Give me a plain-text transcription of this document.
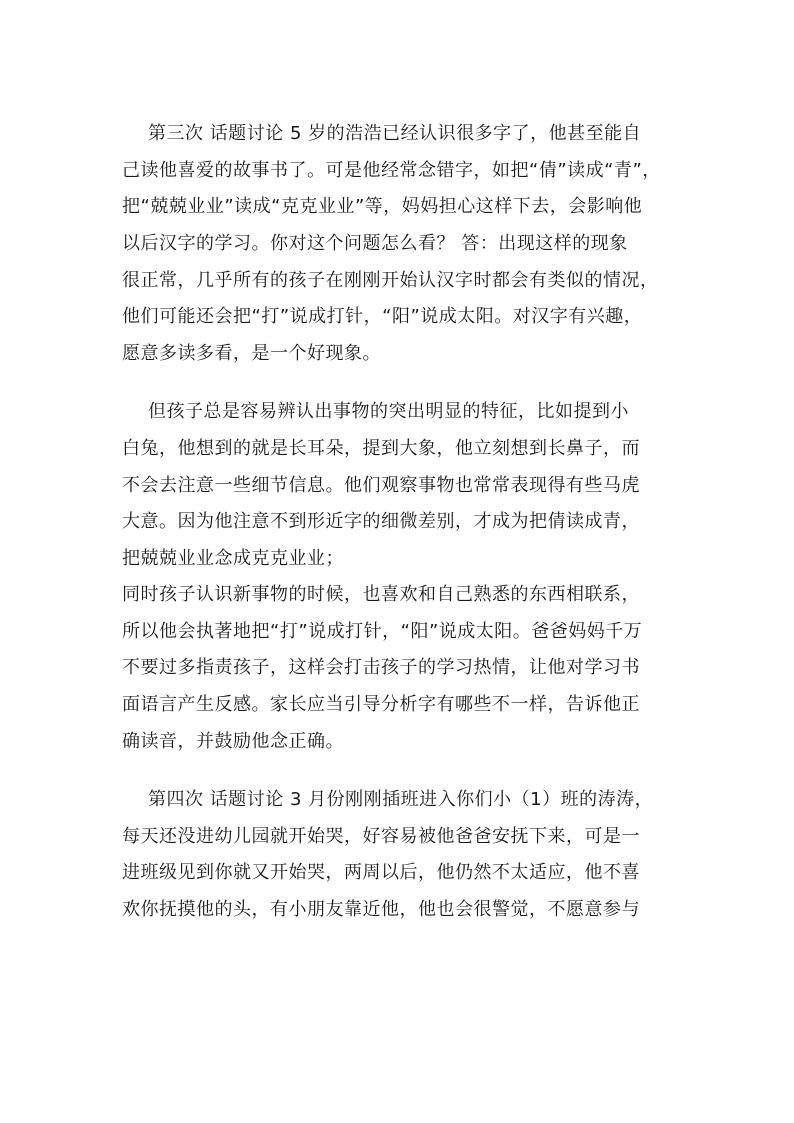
第三次 话题讨论 5 岁的浩浩已经认识很多字了，他甚至能自
己读他喜爱的故事书了。可是他经常念错字，如把“倩”读成“青”，
把“兢兢业业”读成“克克业业”等，妈妈担心这样下去，会影响他
以后汉字的学习。你对这个问题怎么看？ 答：出现这样的现象
很正常，几乎所有的孩子在刚刚开始认汉字时都会有类似的情况，
他们可能还会把“打”说成打针，“阳”说成太阳。对汉字有兴趣，
愿意多读多看，是一个好现象。
但孩子总是容易辨认出事物的突出明显的特征，比如提到小
白兔，他想到的就是长耳朵，提到大象，他立刻想到长鼻子，而
不会去注意一些细节信息。他们观察事物也常常表现得有些马虎
大意。因为他注意不到形近字的细微差别，才成为把倩读成青，
把兢兢业业念成克克业业；
同时孩子认识新事物的时候，也喜欢和自己熟悉的东西相联系，
所以他会执著地把“打”说成打针，“阳”说成太阳。爸爸妈妈千万
不要过多指责孩子，这样会打击孩子的学习热情，让他对学习书
面语言产生反感。家长应当引导分析字有哪些不一样，告诉他正
确读音，并鼓励他念正确。
第四次 话题讨论 3 月份刚刚插班进入你们小（1）班的涛涛，
每天还没进幼儿园就开始哭，好容易被他爸爸安抚下来，可是一
进班级见到你就又开始哭，两周以后，他仍然不太适应，他不喜
欢你抚摸他的头，有小朋友靠近他，他也会很警觉，不愿意参与
